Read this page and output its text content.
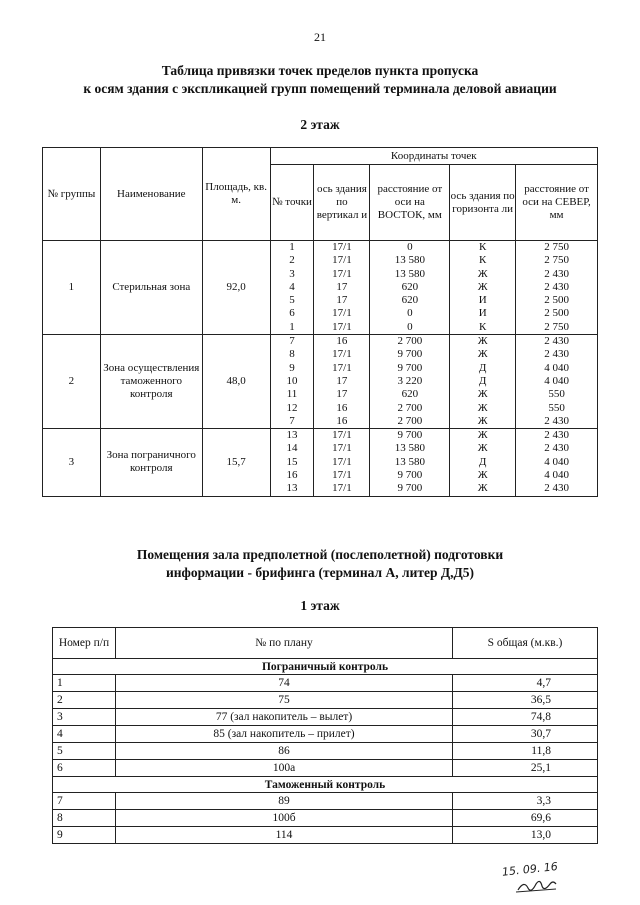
21
Таблица привязки точек пределов пункта пропуска
к осям здания с экспликацией групп помещений терминала деловой авиации
2 этаж
№ группы	Наименование	Площадь, кв. м.	Координаты точек				
			№ точки	ось здания по вертикал и	расстояние от оси на ВОСТОК, мм	ось здания по горизонта ли	расстояние от оси на СЕВЕР, мм
1	Стерильная зона	92,0	1	17/1	0	К	2 750
			2	17/1	13 580	К	2 750
			3	17/1	13 580	Ж	2 430
			4	17	620	Ж	2 430
			5	17	620	И	2 500
			6	17/1	0	И	2 500
			1	17/1	0	К	2 750
2	Зона осуществления таможенного контроля	48,0	7	16	2 700	Ж	2 430
			8	17/1	9 700	Ж	2 430
			9	17/1	9 700	Д	4 040
			10	17	3 220	Д	4 040
			11	17	620	Ж	550
			12	16	2 700	Ж	550
			7	16	2 700	Ж	2 430
3	Зона пограничного контроля	15,7	13	17/1	9 700	Ж	2 430
			14	17/1	13 580	Ж	2 430
			15	17/1	13 580	Д	4 040
			16	17/1	9 700	Ж	4 040
			13	17/1	9 700	Ж	2 430
Помещения зала предполетной (послеполетной) подготовки
информации - брифинга (терминал А, литер Д,Д5)
1 этаж
Номер п/п	№ по плану	S общая (м.кв.)
Пограничный контроль		
1	74	4,7
2	75	36,5
3	77 (зал накопитель – вылет)	74,8
4	85 (зал накопитель – прилет)	30,7
5	86	11,8
6	100а	25,1
Таможенный контроль		
7	89	3,3
8	100б	69,6
9	114	13,0
15. 09. 16
